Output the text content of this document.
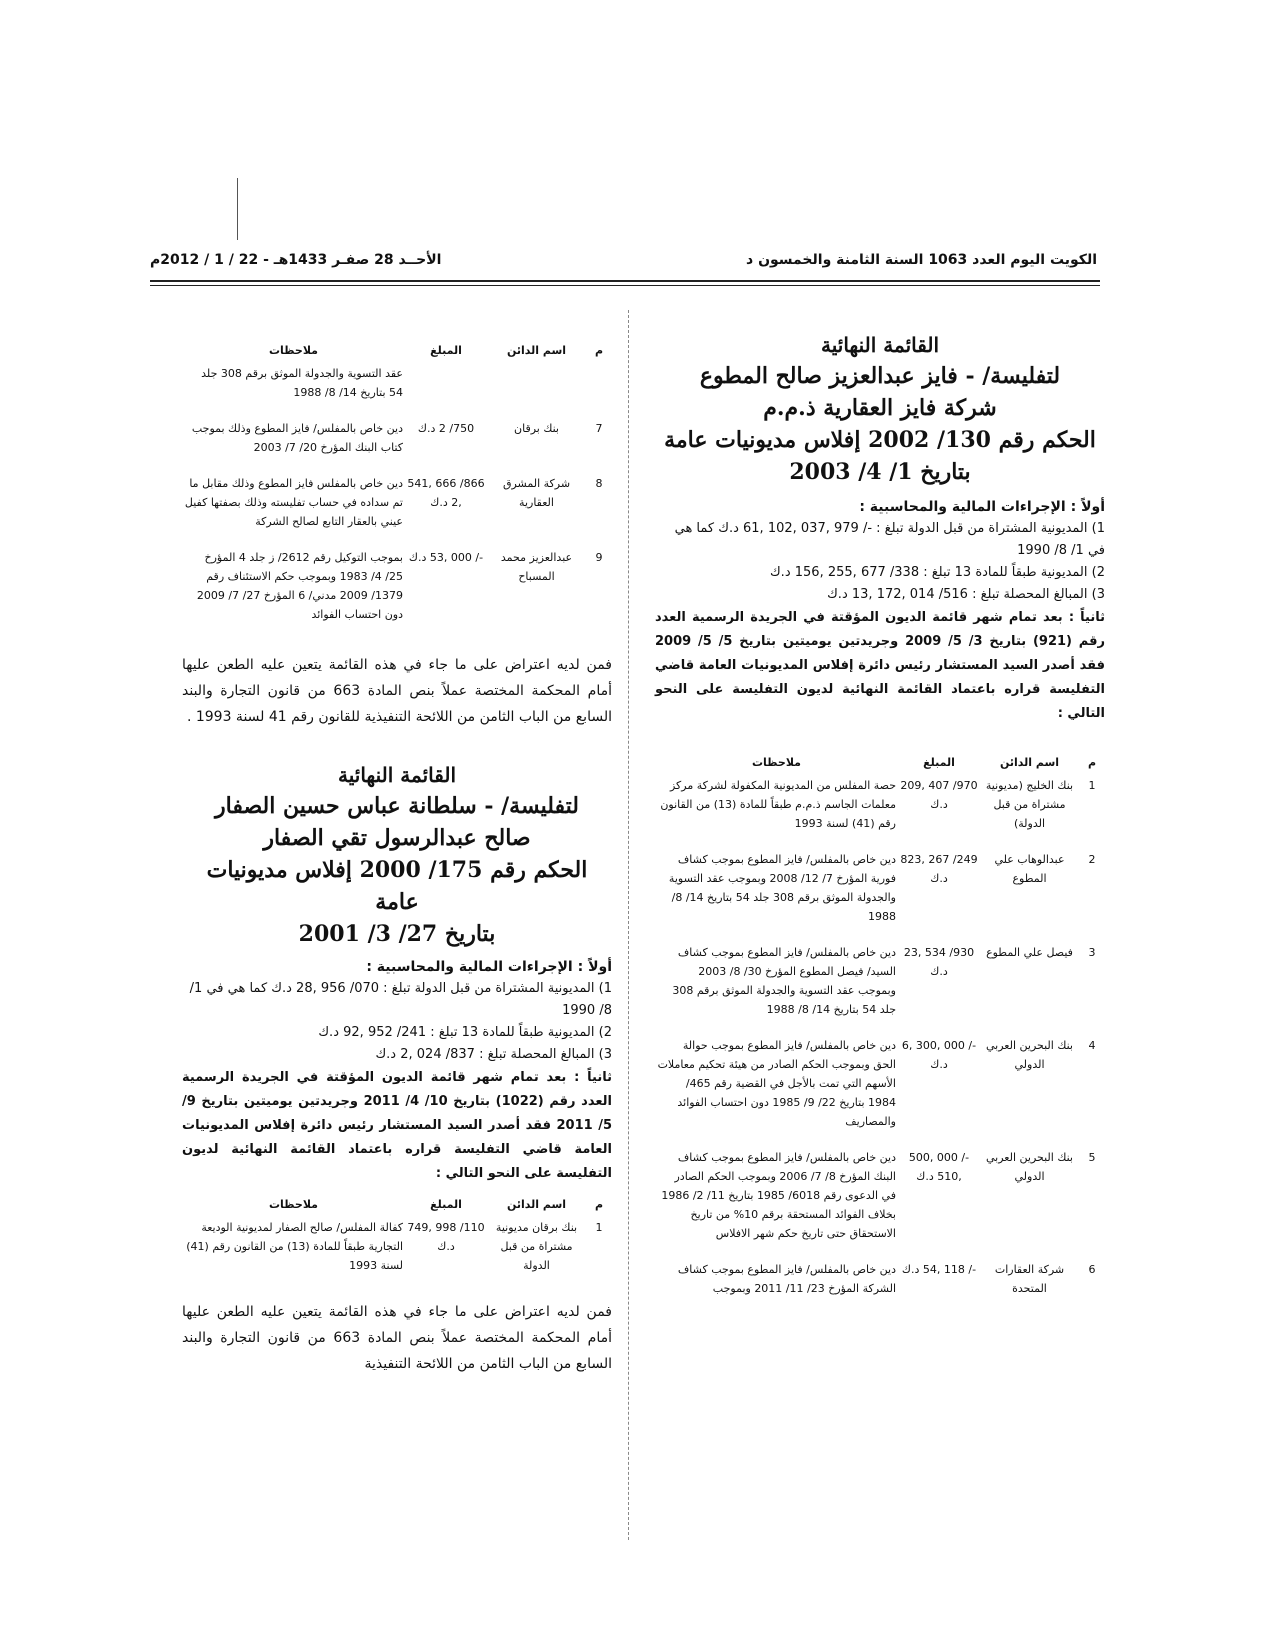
الكويت اليوم العدد 1063 السنة الثامنة والخمسون د
الأحــد 28 صفـر 1433هـ - 22 / 1 / 2012م
القائمة النهائية
لتفليسة/ - فايز عبدالعزيز صالح المطوع
شركة فايز العقارية ذ.م.م
الحكم رقم 130/ 2002 إفلاس مديونيات عامة
بتاريخ 1/ 4/ 2003
أولاً : الإجراءات المالية والمحاسبية :
1) المديونية المشتراة من قبل الدولة تبلغ : -/ 979 ,037 ,102 ,61 د.ك كما هي في 1/ 8/ 1990
2) المديونية طبقاً للمادة 13 تبلغ : 338/ 677 ,255 ,156 د.ك
3) المبالغ المحصلة تبلغ : 516/ 014 ,172 ,13 د.ك
ثانياً : بعد تمام شهر قائمة الديون المؤقتة في الجريدة الرسمية العدد رقم (921) بتاريخ 3/ 5/ 2009 وجريدتين يوميتين بتاريخ 5/ 5/ 2009 فقد أصدر السيد المستشار رئيس دائرة إفلاس المديونيات العامة قاضي التفليسة قراره باعتماد القائمة النهائية لديون التفليسة على النحو التالي :
م	اسم الدائن	المبلغ	ملاحظات
1	بنك الخليج (مديونية مشتراة من قبل الدولة)	970/ 407 ,209 د.ك	حصة المفلس من المديونية المكفولة لشركة مركز معلمات الجاسم ذ.م.م طبقاً للمادة (13) من القانون رقم (41) لسنة 1993
2	عبدالوهاب علي المطوع	249/ 267 ,823 د.ك	دين خاص بالمفلس/ فايز المطوع بموجب كشاف فورية المؤرخ 7/ 12/ 2008 وبموجب عقد التسوية والجدولة الموثق برقم 308 جلد 54 بتاريخ 14/ 8/ 1988
3	فيصل علي المطوع	930/ 534 ,23 د.ك	دين خاص بالمفلس/ فايز المطوع بموجب كشاف السيد/ فيصل المطوع المؤرخ 30/ 8/ 2003 وبموجب عقد التسوية والجدولة الموثق برقم 308 جلد 54 بتاريخ 14/ 8/ 1988
4	بنك البحرين العربي الدولي	-/ 000 ,300 ,6 د.ك	دين خاص بالمفلس/ فايز المطوع بموجب حوالة الحق وبموجب الحكم الصادر من هيئة تحكيم معاملات الأسهم التي تمت بالأجل في القضية رقم 465/ 1984 بتاريخ 22/ 9/ 1985 دون احتساب الفوائد والمصاريف
5	بنك البحرين العربي الدولي	-/ 000 ,500 ,510 د.ك	دين خاص بالمفلس/ فايز المطوع بموجب كشاف البنك المؤرخ 8/ 7/ 2006 وبموجب الحكم الصادر في الدعوى رقم 6018/ 1985 بتاريخ 11/ 2/ 1986 بخلاف الفوائد المستحقة برقم 10% من تاريخ الاستحقاق حتى تاريخ حكم شهر الافلاس
6	شركة العقارات المتحدة	-/ 118 ,54 د.ك	دين خاص بالمفلس/ فايز المطوع بموجب كشاف الشركة المؤرخ 23/ 11/ 2011 وبموجب
م	اسم الدائن	المبلغ	ملاحظات
			عقد التسوية والجدولة الموثق برقم 308 جلد 54 بتاريخ 14/ 8/ 1988
7	بنك برقان	750/ 2 د.ك	دين خاص بالمفلس/ فايز المطوع وذلك بموجب كتاب البنك المؤرخ 20/ 7/ 2003
8	شركة المشرق العقارية	866/ 666 ,541 ,2 د.ك	دين خاص بالمفلس فايز المطوع وذلك مقابل ما تم سداده في حساب تفليسته وذلك بصفتها كفيل عيني بالعقار التابع لصالح الشركة
9	عبدالعزيز محمد المسباح	-/ 000 ,53 د.ك	بموجب التوكيل رقم 2612/ ز جلد 4 المؤرخ 25/ 4/ 1983 وبموجب حكم الاستئناف رقم 1379/ 2009 مدني/ 6 المؤرخ 27/ 7/ 2009 دون احتساب الفوائد
فمن لديه اعتراض على ما جاء في هذه القائمة يتعين عليه الطعن عليها أمام المحكمة المختصة عملاً بنص المادة 663 من قانون التجارة والبند السابع من الباب الثامن من اللائحة التنفيذية للقانون رقم 41 لسنة 1993 .
القائمة النهائية
لتفليسة/ - سلطانة عباس حسين الصفار
صالح عبدالرسول تقي الصفار
الحكم رقم 175/ 2000 إفلاس مديونيات عامة
بتاريخ 27/ 3/ 2001
أولاً : الإجراءات المالية والمحاسبية :
1) المديونية المشتراة من قبل الدولة تبلغ : 070/ 956 ,28 د.ك كما هي في 1/ 8/ 1990
2) المديونية طبقاً للمادة 13 تبلغ : 241/ 952 ,92 د.ك
3) المبالغ المحصلة تبلغ : 837/ 024 ,2 د.ك
ثانياً : بعد تمام شهر قائمة الديون المؤقتة في الجريدة الرسمية العدد رقم (1022) بتاريخ 10/ 4/ 2011 وجريدتين يوميتين بتاريخ 9/ 5/ 2011 فقد أصدر السيد المستشار رئيس دائرة إفلاس المديونيات العامة قاضي التفليسة قراره باعتماد القائمة النهائية لديون التفليسة على النحو التالي :
م	اسم الدائن	المبلغ	ملاحظات
1	بنك برقان مديونية مشتراة من قبل الدولة	110/ 998 ,749 د.ك	كفالة المفلس/ صالح الصفار لمديونية الوديعة التجارية طبقاً للمادة (13) من القانون رقم (41) لسنة 1993
فمن لديه اعتراض على ما جاء في هذه القائمة يتعين عليه الطعن عليها أمام المحكمة المختصة عملاً بنص المادة 663 من قانون التجارة والبند السابع من الباب الثامن من اللائحة التنفيذية
